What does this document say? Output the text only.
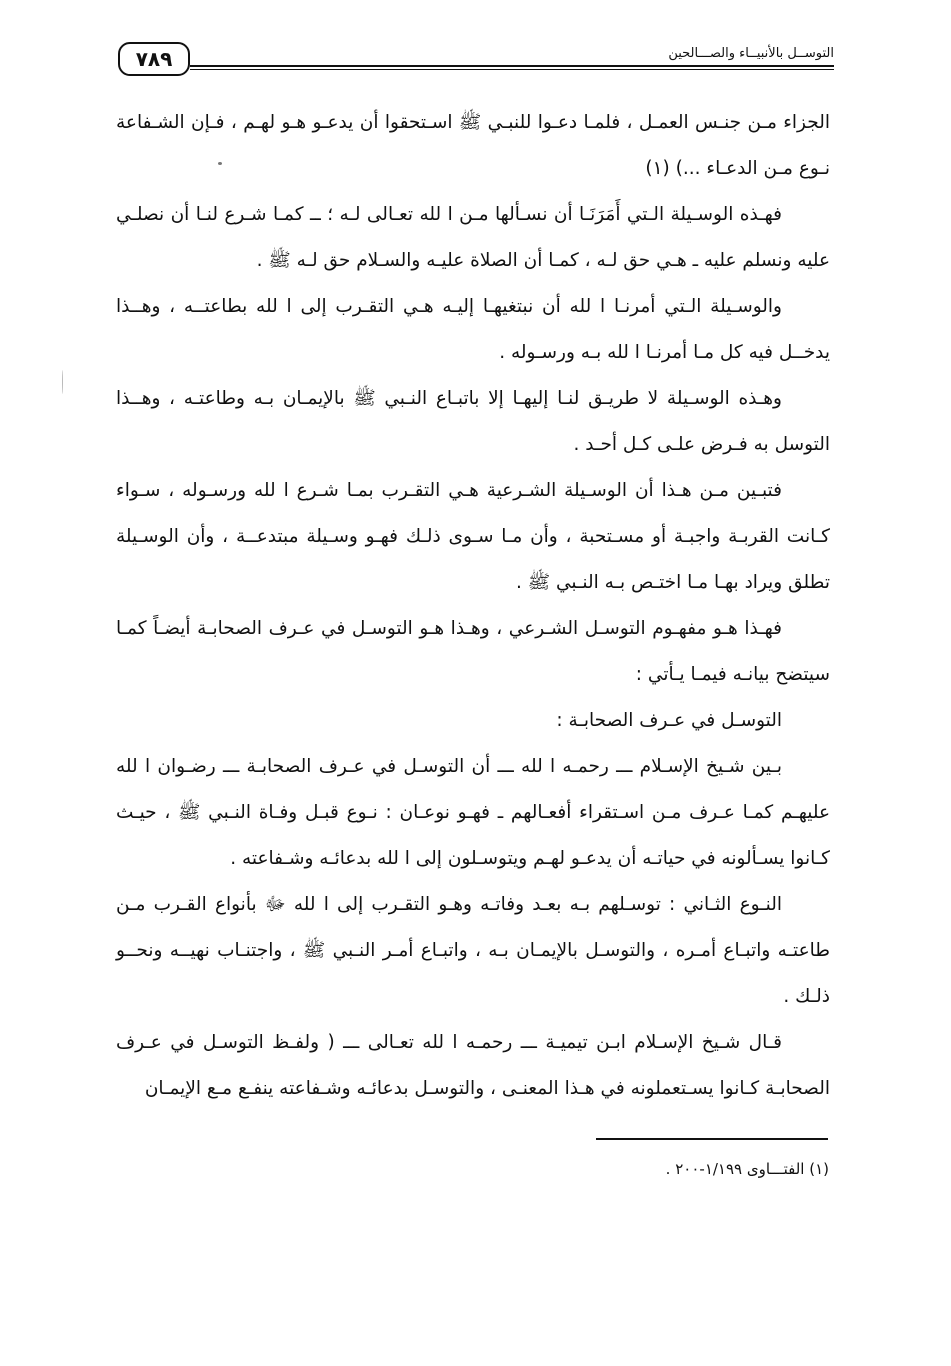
٧٨٩	التوســل بالأنبيــاء والصـــالحين

الجزاء مـن جنـس العمـل ، فلمـا دعـوا للنبـي ﷺ اسـتحقوا أن يدعـو هـو لهـم ، فـإن الشـفاعة نـوع مـن الدعـاء ...) (١)

فهـذه الوسـيلة الـتي أَمَرَنَـا أن نسـألها مـن ا لله تعـالى لـه ؛ ــ كمـا شـرع لنـا أن نصلـي عليه ونسلم عليه ـ هـي حق لـه ، كمـا أن الصلاة عليـه والسـلام حق لـه ﷺ .

والوسـيلة الـتي أمرنـا ا لله أن نبتغيهـا إليـه هـي التقـرب إلى ا لله بطاعتــه ، وهــذا يدخــل فيه كل مـا أمرنـا ا لله بـه ورسـوله .

وهـذه الوسـيلة لا طريـق لنـا إليهـا إلا باتبـاع النـبي ﷺ بالإيمـان بـه وطاعتـه ، وهــذا التوسل به فـرض علـى كـل أحـد .

فتبـين مـن هـذا أن الوسـيلة الشـرعية هـي التقـرب بمـا شـرع ا لله ورسـوله ، سـواء كـانت القربـة واجبـة أو مسـتحبة ، وأن مـا سـوى ذلـك فهـو وسـيلة مبتدعــة ، وأن الوسـيلة تطلق ويراد بهـا مـا اختـص بـه النـبي ﷺ .

فهـذا هـو مفهـوم التوسـل الشـرعي ، وهـذا هـو التوسـل في عـرف الصحابـة أيضـاً كمـا سيتضح بيانـه فيمـا يـأتي :

التوسـل في عـرف الصحابـة :

بـين شـيخ الإسـلام ـــ رحمـه ا لله ـــ أن التوسـل في عـرف الصحابـة ـــ رضـوان ا لله عليهـم كمـا عـرف مـن اسـتقراء أفعـالهم ـ فهـو نوعـان : نـوع قبـل وفـاة النـبي ﷺ ، حيـث كـانوا يسـألونه في حياتـه أن يدعـو لهـم ويتوسـلون إلى ا لله بدعائـه وشـفاعته .

النـوع الثـاني : توسـلهم بـه بعـد وفاتـه وهـو التقـرب إلى ا لله ﷻ بأنواع القـرب مـن طاعتـه واتبـاع أمـره ، والتوسـل بالإيمـان بـه ، واتبـاع أمـر النـبي ﷺ ، واجتنـاب نهيــه ونحــو ذلـك .

قـال شـيخ الإسـلام ابـن تيميـة ـــ رحمـه ا لله تعـالى ـــ ( ولفـظ التوسـل في عـرف الصحابـة كـانوا يسـتعملونه في هـذا المعنـى ، والتوسـل بدعائـه وشـفاعته ينفـع مـع الإيمـان

(١) الفتـــاوى ١/١٩٩-٢٠٠ .
